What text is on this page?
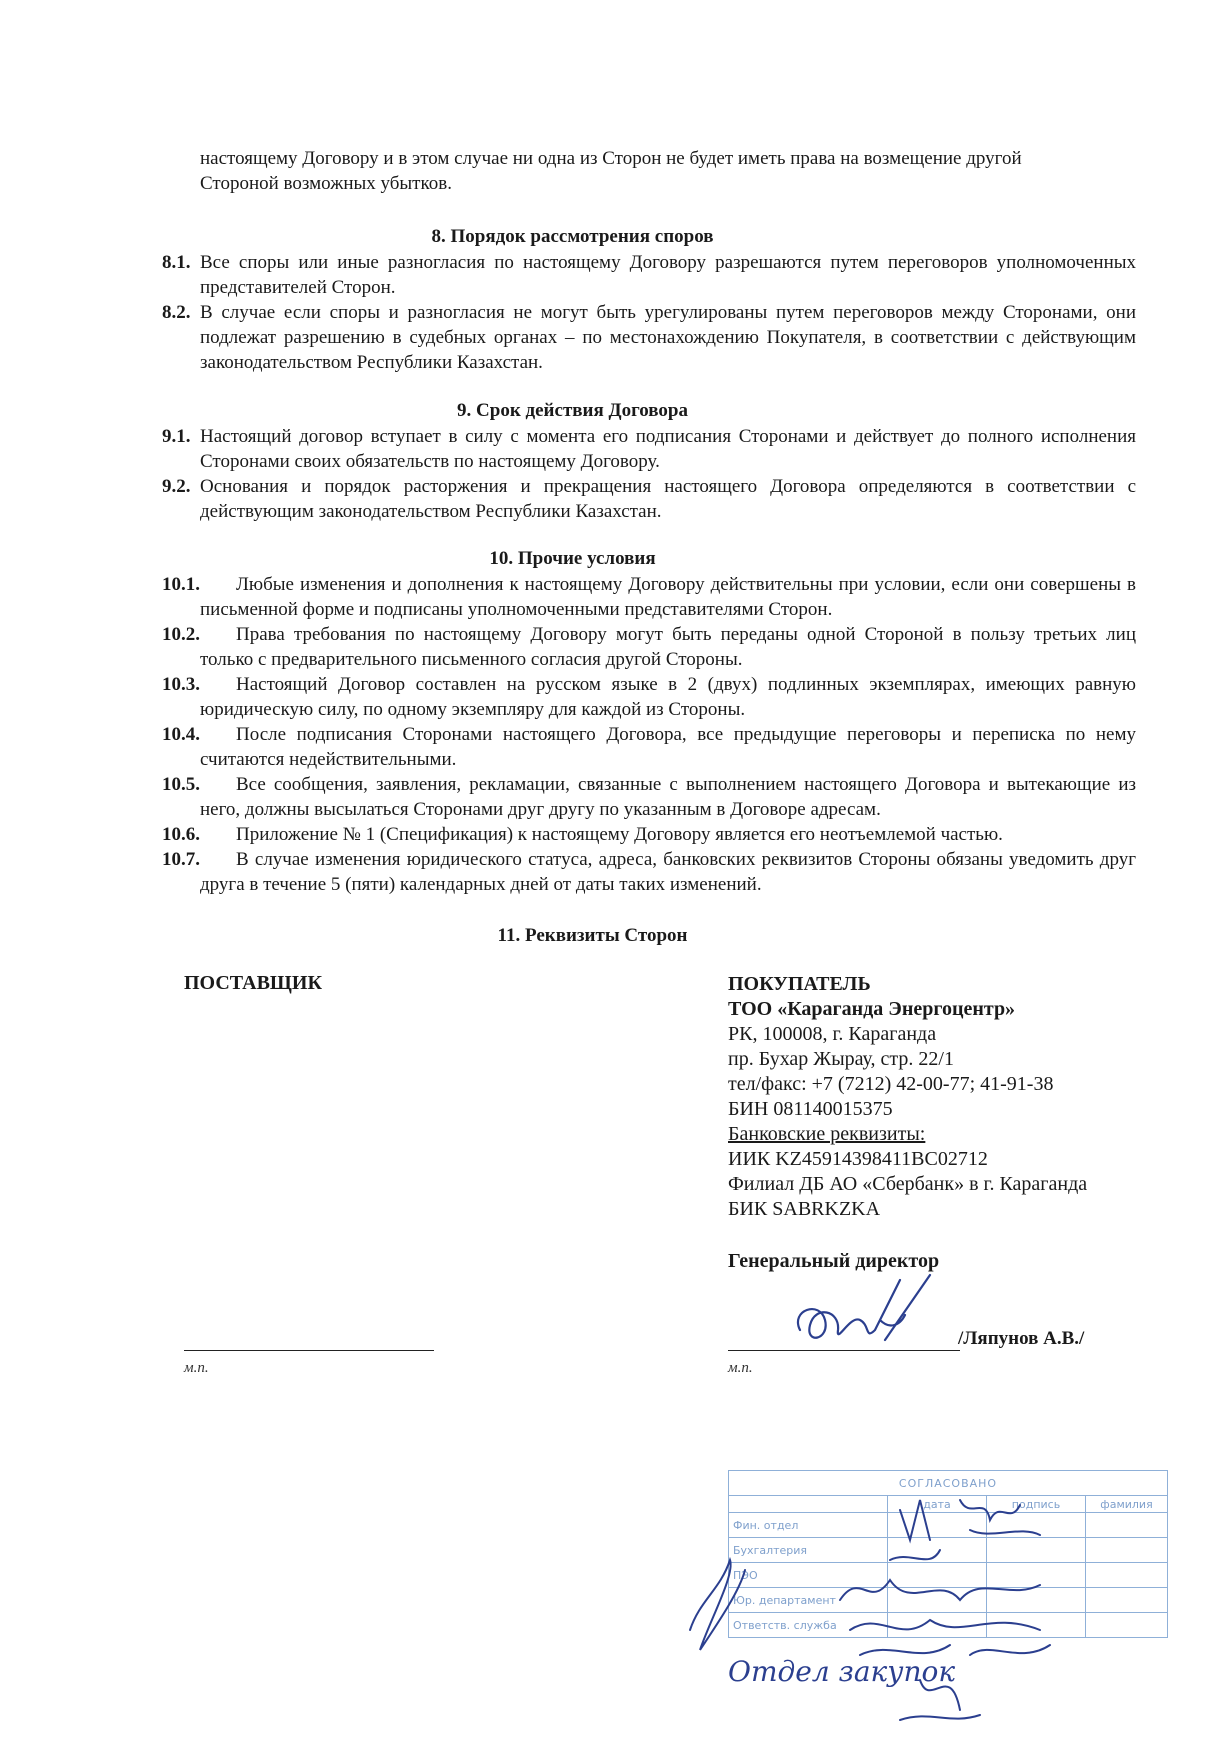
настоящему Договору и в этом случае ни одна из Сторон не будет иметь права на возмещение другой
Стороной возможных убытков.
8. Порядок рассмотрения споров
8.1. Все споры или иные разногласия по настоящему Договору разрешаются путем переговоров уполномоченных представителей Сторон.
8.2. В случае если споры и разногласия не могут быть урегулированы путем переговоров между Сторонами, они подлежат разрешению в судебных органах – по местонахождению Покупателя, в соответствии с действующим законодательством Республики Казахстан.
9. Срок действия Договора
9.1. Настоящий договор вступает в силу с момента его подписания Сторонами и действует до полного исполнения Сторонами своих обязательств по настоящему Договору.
9.2. Основания и порядок расторжения и прекращения настоящего Договора определяются в соответствии с действующим законодательством Республики Казахстан.
10. Прочие условия
10.1.	Любые изменения и дополнения к настоящему Договору действительны при условии, если они совершены в письменной форме и подписаны уполномоченными представителями Сторон.
10.2.	Права требования по настоящему Договору могут быть переданы одной Стороной в пользу третьих лиц только с предварительного письменного согласия другой Стороны.
10.3.	Настоящий Договор составлен на русском языке в 2 (двух) подлинных экземплярах, имеющих равную юридическую силу, по одному экземпляру для каждой из Стороны.
10.4.	После подписания Сторонами настоящего Договора, все предыдущие переговоры и переписка по нему считаются недействительными.
10.5.	Все сообщения, заявления, рекламации, связанные с выполнением настоящего Договора и вытекающие из него, должны высылаться Сторонами друг другу по указанным в Договоре адресам.
10.6.	Приложение № 1 (Спецификация) к настоящему Договору является его неотъемлемой частью.
10.7.	В случае изменения юридического статуса, адреса, банковских реквизитов Стороны обязаны уведомить друг друга в течение 5 (пяти) календарных дней от даты таких изменений.
11. Реквизиты Сторон
ПОСТАВЩИК	ПОКУПАТЕЛЬ
ТОО «Караганда Энергоцентр»
РК, 100008, г. Караганда
пр. Бухар Жырау, стр. 22/1
тел/факс: +7 (7212) 42-00-77; 41-91-38
БИН 081140015375
Банковские реквизиты:
ИИК KZ45914398411BC02712
Филиал ДБ АО «Сбербанк» в г. Караганда
БИК SABRKZKA
Генеральный директор
м.п.
/Ляпунов А.В./
м.п.
СОГЛАСОВАНО			
	дата	подпись	фамилия
Фин. отдел			
Бухгалтерия			
ПЭО			
Юр. департамент			
Ответств. служба			
Отдел закупок
